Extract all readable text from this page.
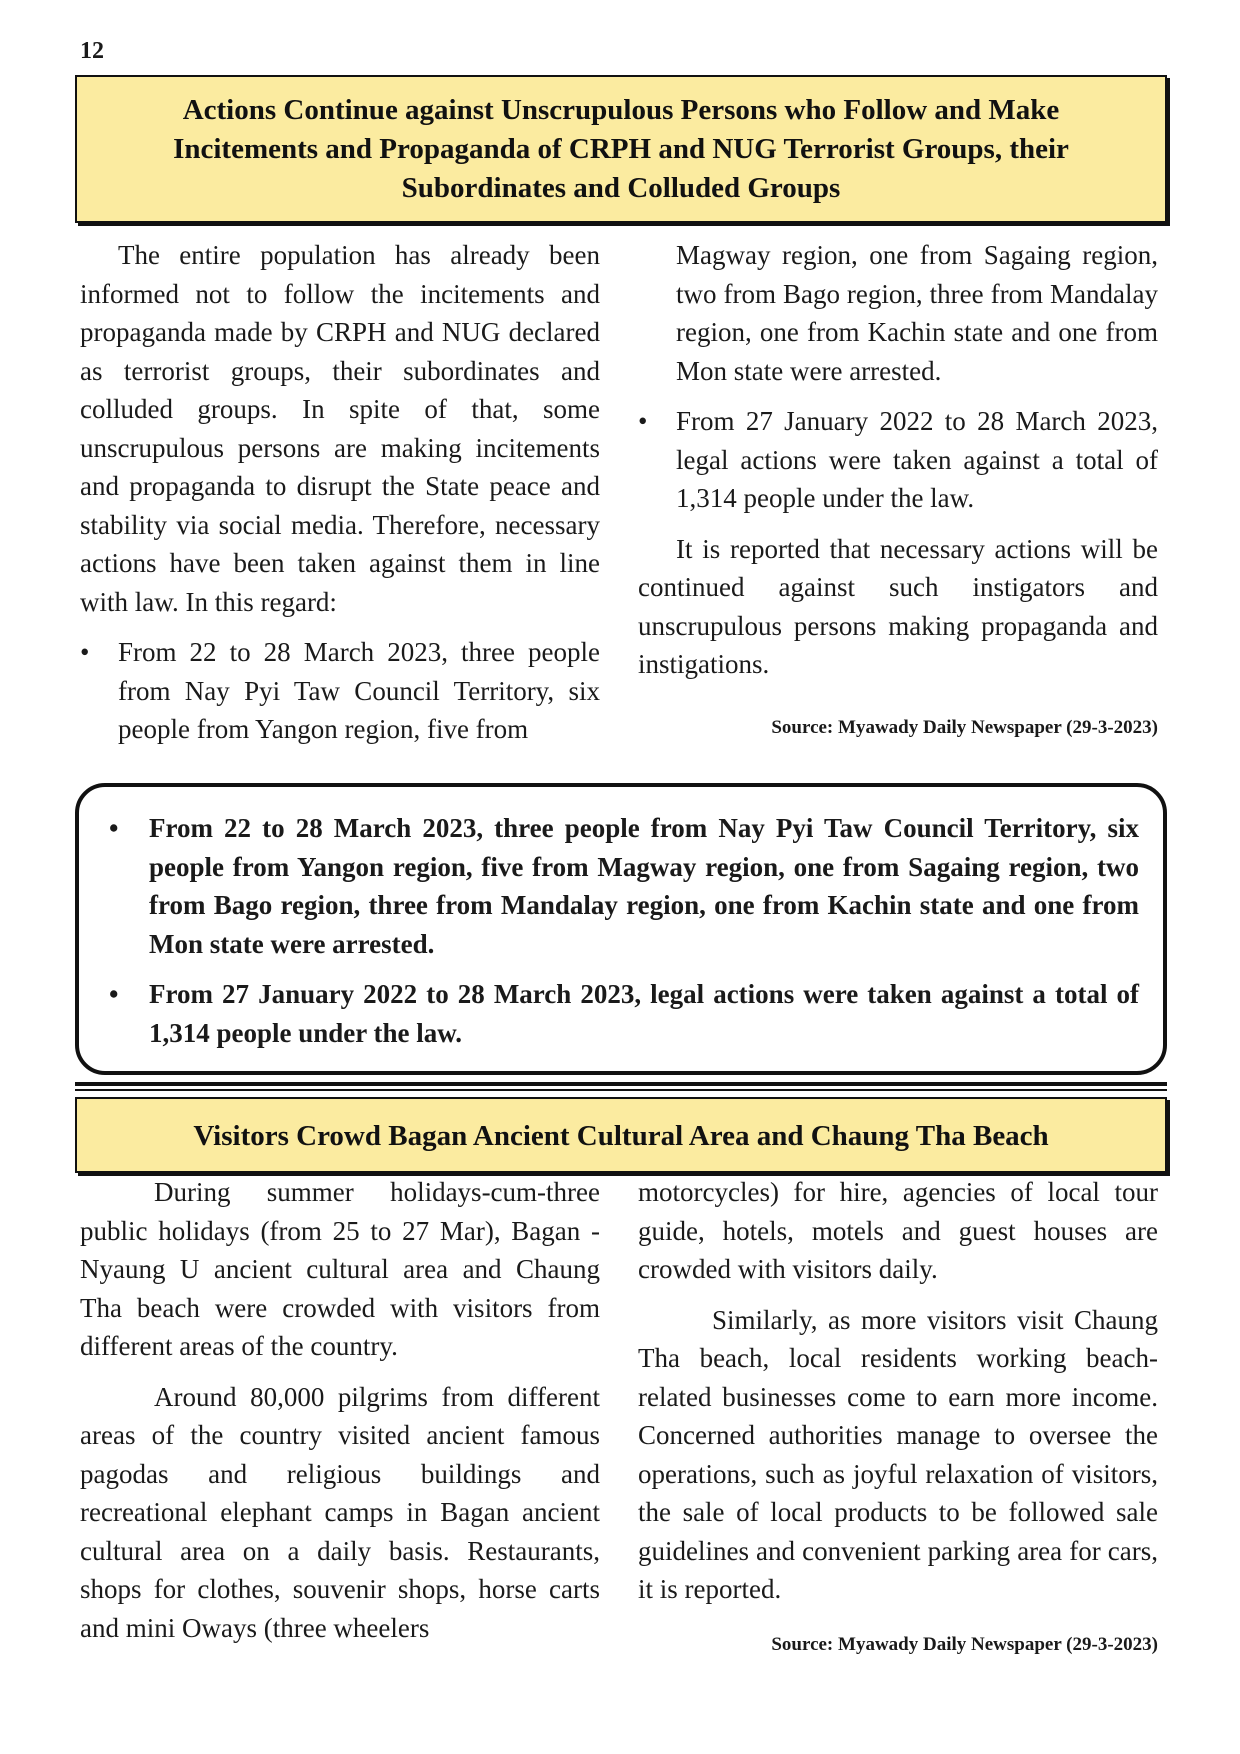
12
Actions Continue against Unscrupulous Persons who Follow and Make Incitements and Propaganda of CRPH and NUG Terrorist Groups, their Subordinates and Colluded Groups

The entire population has already been informed not to follow the incitements and propaganda made by CRPH and NUG declared as terrorist groups, their subordinates and colluded groups. In spite of that, some unscrupulous persons are making incitements and propaganda to disrupt the State peace and stability via social media. Therefore, necessary actions have been taken against them in line with law. In this regard:

• From 22 to 28 March 2023, three people from Nay Pyi Taw Council Territory, six people from Yangon region, five from
Magway region, one from Sagaing region, two from Bago region, three from Mandalay region, one from Kachin state and one from Mon state were arrested.
• From 27 January 2022 to 28 March 2023, legal actions were taken against a total of 1,314 people under the law.

It is reported that necessary actions will be continued against such instigators and unscrupulous persons making propaganda and instigations.

Source: Myawady Daily Newspaper (29-3-2023)
• From 22 to 28 March 2023, three people from Nay Pyi Taw Council Territory, six people from Yangon region, five from Magway region, one from Sagaing region, two from Bago region, three from Mandalay region, one from Kachin state and one from Mon state were arrested.
• From 27 January 2022 to 28 March 2023, legal actions were taken against a total of 1,314 people under the law.
Visitors Crowd Bagan Ancient Cultural Area and Chaung Tha Beach

During summer holidays-cum-three public holidays (from 25 to 27 Mar), Bagan -Nyaung U ancient cultural area and Chaung Tha beach were crowded with visitors from different areas of the country.

Around 80,000 pilgrims from different areas of the country visited ancient famous pagodas and religious buildings and recreational elephant camps in Bagan ancient cultural area on a daily basis. Restaurants, shops for clothes, souvenir shops, horse carts and mini Oways (three wheelers

motorcycles) for hire, agencies of local tour guide, hotels, motels and guest houses are crowded with visitors daily.

Similarly, as more visitors visit Chaung Tha beach, local residents working beach-related businesses come to earn more income. Concerned authorities manage to oversee the operations, such as joyful relaxation of visitors, the sale of local products to be followed sale guidelines and convenient parking area for cars, it is reported.

Source: Myawady Daily Newspaper (29-3-2023)
